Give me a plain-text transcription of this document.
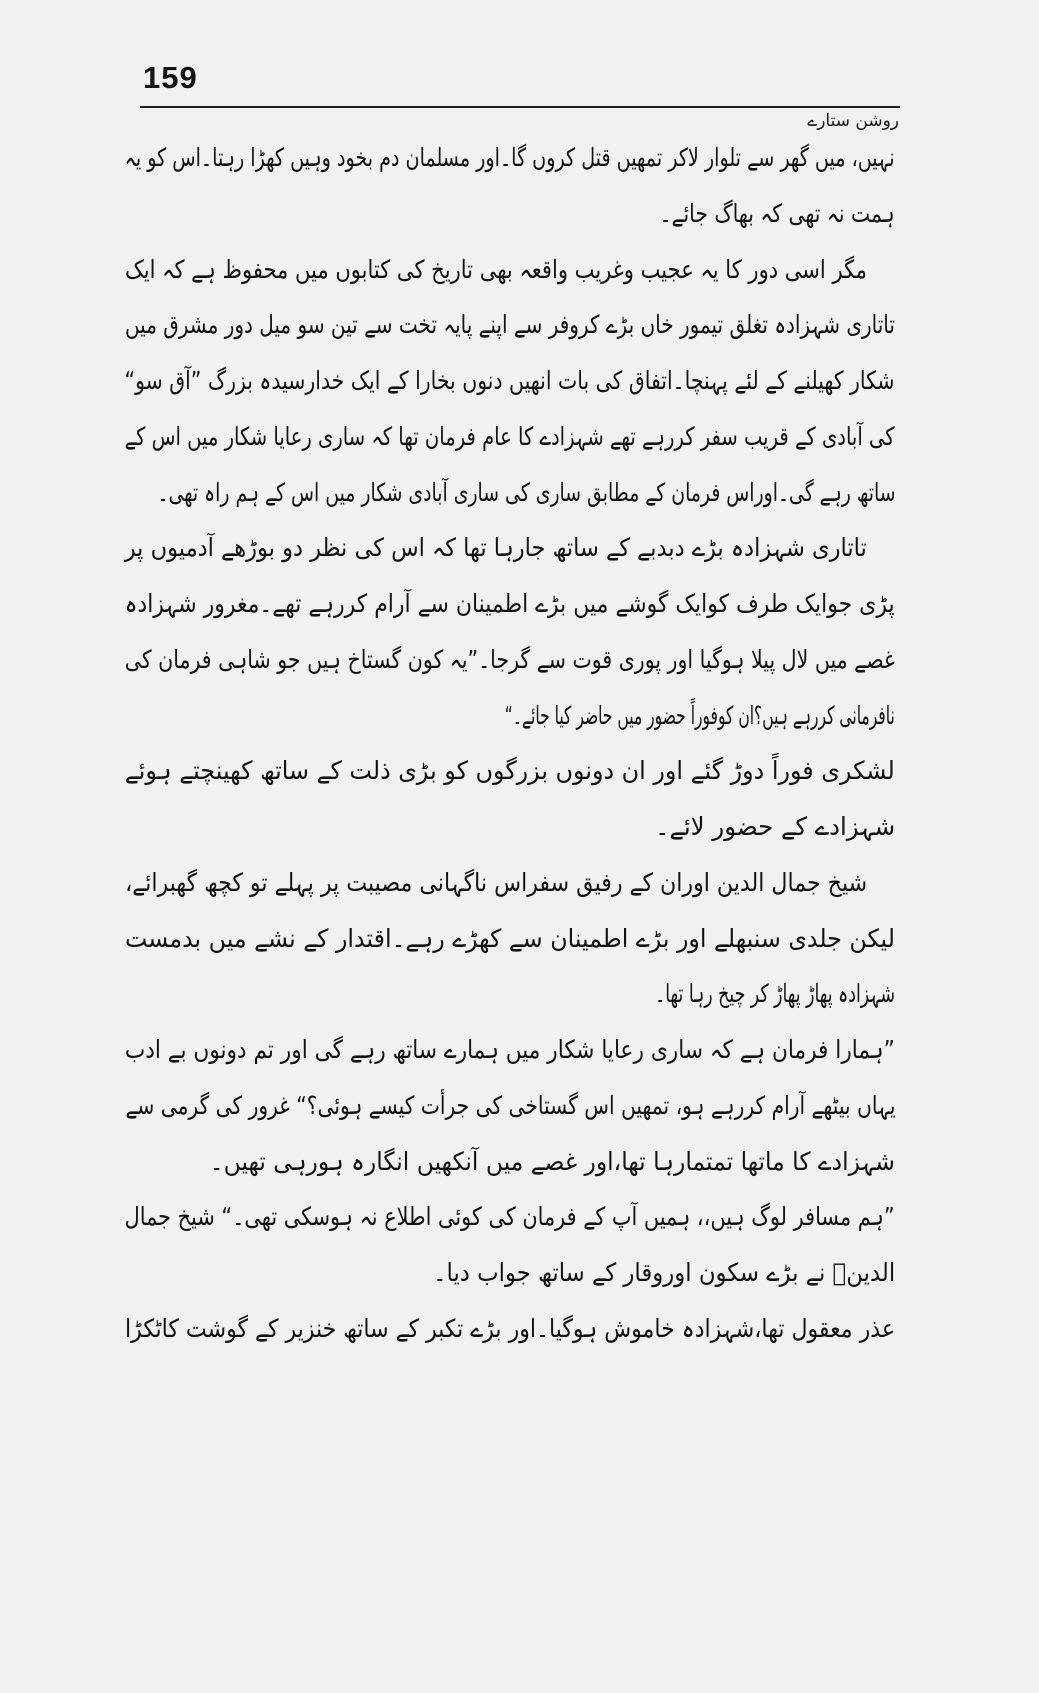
159
روشن ستارے
نہیں، میں گھر سے تلوار لاکر تمھیں قتل کروں گا۔اور مسلمان دم بخود وہیں کھڑا رہتا۔اس کو یہ
ہمت نہ تھی کہ بھاگ جائے۔
مگر اسی دور کا یہ عجیب وغریب واقعہ بھی تاریخ کی کتابوں میں محفوظ ہے کہ ایک
تاتاری شہزادہ تغلق تیمور خاں بڑے کروفر سے اپنے پایہ تخت سے تین سو میل دور مشرق میں
شکار کھیلنے کے لئے پہنچا۔اتفاق کی بات انھیں دنوں بخارا کے ایک خدارسیدہ بزرگ ”آق سو“
کی آبادی کے قریب سفر کررہے تھے شہزادے کا عام فرمان تھا کہ ساری رعایا شکار میں اس کے
ساتھ رہے گی۔اوراس فرمان کے مطابق ساری کی ساری آبادی شکار میں اس کے ہم راہ تھی۔
تاتاری شہزادہ بڑے دبدبے کے ساتھ جارہا تھا کہ اس کی نظر دو بوڑھے آدمیوں پر
پڑی جوایک طرف کوایک گوشے میں بڑے اطمینان سے آرام کررہے تھے۔مغرور شہزادہ
غصے میں لال پیلا ہوگیا اور پوری قوت سے گرجا۔”یہ کون گستاخ ہیں جو شاہی فرمان کی
نافرمانی کررہے ہیں؟ان کوفوراً حضور میں حاضر کیا جائے۔“
لشکری فوراً دوڑ گئے اور ان دونوں بزرگوں کو بڑی ذلت کے ساتھ کھینچتے ہوئے
شہزادے کے حضور لائے۔
شیخ جمال الدین اوران کے رفیق سفراس ناگہانی مصیبت پر پہلے تو کچھ گھبرائے،
لیکن جلدی سنبھلے اور بڑے اطمینان سے کھڑے رہے۔اقتدار کے نشے میں بدمست
شہزادہ پھاڑ پھاڑ کر چیخ رہا تھا۔
”ہمارا فرمان ہے کہ ساری رعایا شکار میں ہمارے ساتھ رہے گی اور تم دونوں بے ادب
یہاں بیٹھے آرام کررہے ہو، تمھیں اس گستاخی کی جرأت کیسے ہوئی؟“ غرور کی گرمی سے
شہزادے کا ماتھا تمتمارہا تھا،اور غصے میں آنکھیں انگارہ ہورہی تھیں۔
”ہم مسافر لوگ ہیں،، ہمیں آپ کے فرمان کی کوئی اطلاع نہ ہوسکی تھی۔“ شیخ جمال
الدینؒ نے بڑے سکون اوروقار کے ساتھ جواب دیا۔
عذر معقول تھا،شہزادہ خاموش ہوگیا۔اور بڑے تکبر کے ساتھ خنزیر کے گوشت کاٹکڑا
